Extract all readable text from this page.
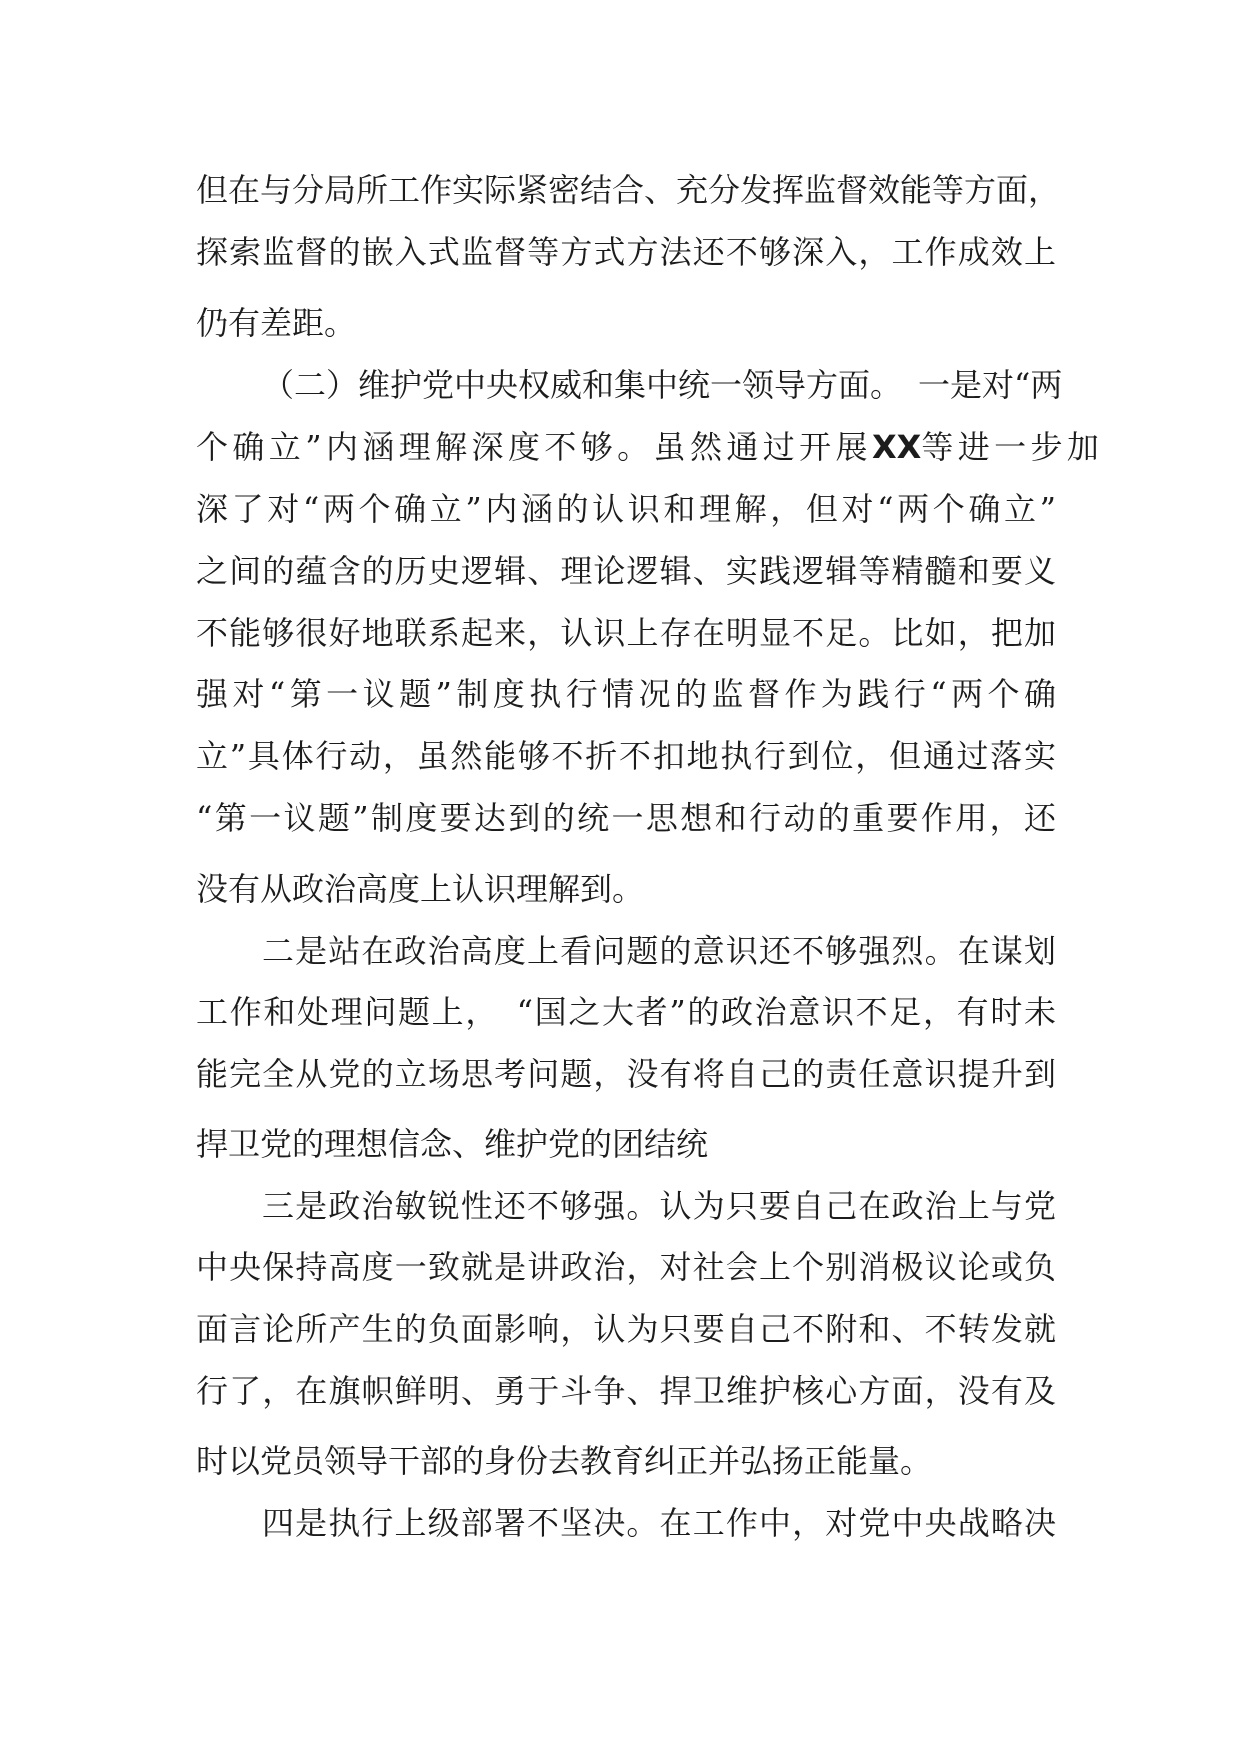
但在与分局所工作实际紧密结合、充分发挥监督效能等方面，
探索监督的嵌入式监督等方式方法还不够深入，工作成效上
仍有差距。
（二）维护党中央权威和集中统一领导方面。　一是对“两
个确立”内涵理解深度不够。虽然通过开展 XX 等进一步加
深了对“两个确立”内涵的认识和理解，但对“两个确立”
之间的蕴含的历史逻辑、理论逻辑、实践逻辑等精髓和要义
不能够很好地联系起来，认识上存在明显不足。比如，把加
强对“第一议题”制度执行情况的监督作为践行“两个确
立”具体行动，虽然能够不折不扣地执行到位，但通过落实
“第一议题”制度要达到的统一思想和行动的重要作用，还
没有从政治高度上认识理解到。
二是站在政治高度上看问题的意识还不够强烈。在谋划
工作和处理问题上，　“国之大者”的政治意识不足，有时未
能完全从党的立场思考问题，没有将自己的责任意识提升到
捍卫党的理想信念、维护党的团结统
三是政治敏锐性还不够强。认为只要自己在政治上与党
中央保持高度一致就是讲政治，对社会上个别消极议论或负
面言论所产生的负面影响，认为只要自己不附和、不转发就
行了，在旗帜鲜明、勇于斗争、捍卫维护核心方面，没有及
时以党员领导干部的身份去教育纠正并弘扬正能量。
四是执行上级部署不坚决。在工作中，对党中央战略决
